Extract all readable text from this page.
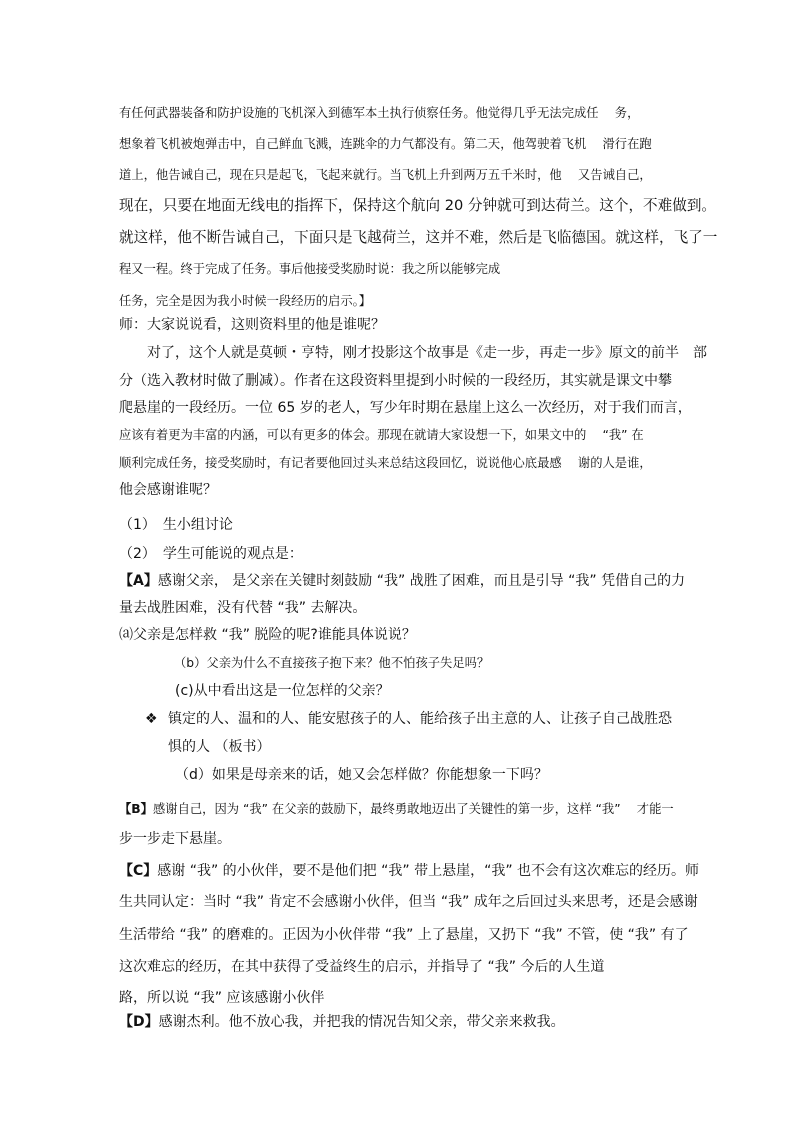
有任何武器装备和防护设施的飞机深入到德军本土执行侦察任务。他觉得几乎无法完成任　 务，
想象着飞机被炮弹击中，自己鲜血飞溅，连跳伞的力气都没有。第二天，他驾驶着飞机　 滑行在跑
道上，他告诫自己，现在只是起飞，飞起来就行。当飞机上升到两万五千米时，他　 又告诫自己，
现在，只要在地面无线电的指挥下，保持这个航向 20 分钟就可到达荷兰。这个，不难做到。
就这样，他不断告诫自己，下面只是飞越荷兰，这并不难，然后是飞临德国。就这样，飞了一
程又一程。终于完成了任务。事后他接受奖励时说：我之所以能够完成
任务，完全是因为我小时候一段经历的启示。】
师：大家说说看，这则资料里的他是谁呢？
对了，这个人就是莫顿・亨特，刚才投影这个故事是《走一步，再走一步》原文的前半　部
分（选入教材时做了删减）。作者在这段资料里提到小时候的一段经历，其实就是课文中攀
爬悬崖的一段经历。一位 65 岁的老人，写少年时期在悬崖上这么一次经历，对于我们而言，
应该有着更为丰富的内涵，可以有更多的体会。那现在就请大家设想一下，如果文中的　 “我” 在
顺利完成任务，接受奖励时，有记者要他回过头来总结这段回忆，说说他心底最感　 谢的人是谁，
他会感谢谁呢？
（1）　生小组讨论
（2）　学生可能说的观点是：
【A】感谢父亲， 是父亲在关键时刻鼓励 “我” 战胜了困难，而且是引导 “我” 凭借自己的力
量去战胜困难，没有代替 “我” 去解决。
⒜父亲是怎样救 “我” 脱险的呢?谁能具体说说？
（b）父亲为什么不直接孩子抱下来？他不怕孩子失足吗？
(c)从中看出这是一位怎样的父亲？
❖ 镇定的人、温和的人、能安慰孩子的人、能给孩子出主意的人、让孩子自己战胜恐
惧的人 （板书）
（d）如果是母亲来的话，她又会怎样做？你能想象一下吗？
【B】感谢自己，因为 “我” 在父亲的鼓励下，最终勇敢地迈出了关键性的第一步，这样 “我”　 才能一
步一步走下悬崖。
【C】感谢 “我” 的小伙伴，要不是他们把 “我” 带上悬崖，“我” 也不会有这次难忘的经历。师
生共同认定：当时 “我” 肯定不会感谢小伙伴，但当 “我” 成年之后回过头来思考，还是会感谢
生活带给 “我” 的磨难的。正因为小伙伴带 “我” 上了悬崖，又扔下 “我” 不管，使 “我” 有了
这次难忘的经历，在其中获得了受益终生的启示，并指导了 “我” 今后的人生道
路，所以说 “我” 应该感谢小伙伴
【D】感谢杰利。他不放心我，并把我的情况告知父亲，带父亲来救我。
